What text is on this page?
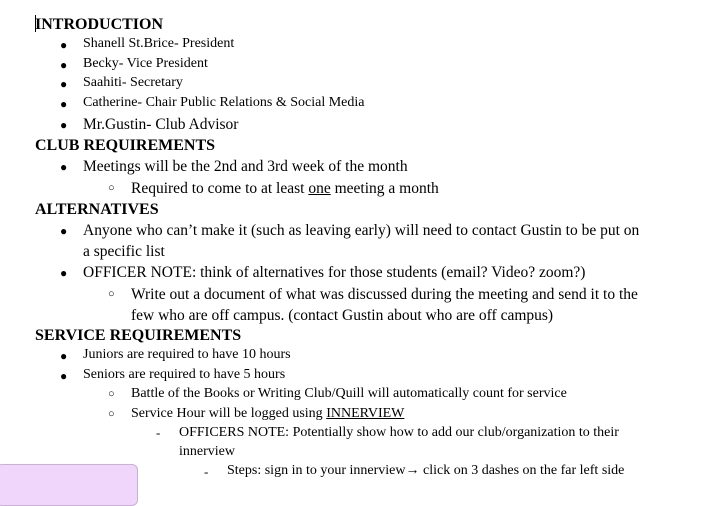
INTRODUCTION
● Shanell St.Brice- President
● Becky- Vice President
● Saahiti- Secretary
● Catherine- Chair Public Relations & Social Media
● Mr.Gustin- Club Advisor
CLUB REQUIREMENTS
● Meetings will be the 2nd and 3rd week of the month
○ Required to come to at least one meeting a month
ALTERNATIVES
● Anyone who can’t make it (such as leaving early) will need to contact Gustin to be put on
a specific list
● OFFICER NOTE: think of alternatives for those students (email? Video? zoom?)
○ Write out a document of what was discussed during the meeting and send it to the
few who are off campus. (contact Gustin about who are off campus)
SERVICE REQUIREMENTS
● Juniors are required to have 10 hours
● Seniors are required to have 5 hours
○ Battle of the Books or Writing Club/Quill will automatically count for service
○ Service Hour will be logged using INNERVIEW
- OFFICERS NOTE: Potentially show how to add our club/organization to their
innerview
- Steps: sign in to your innerview→ click on 3 dashes on the far left side
